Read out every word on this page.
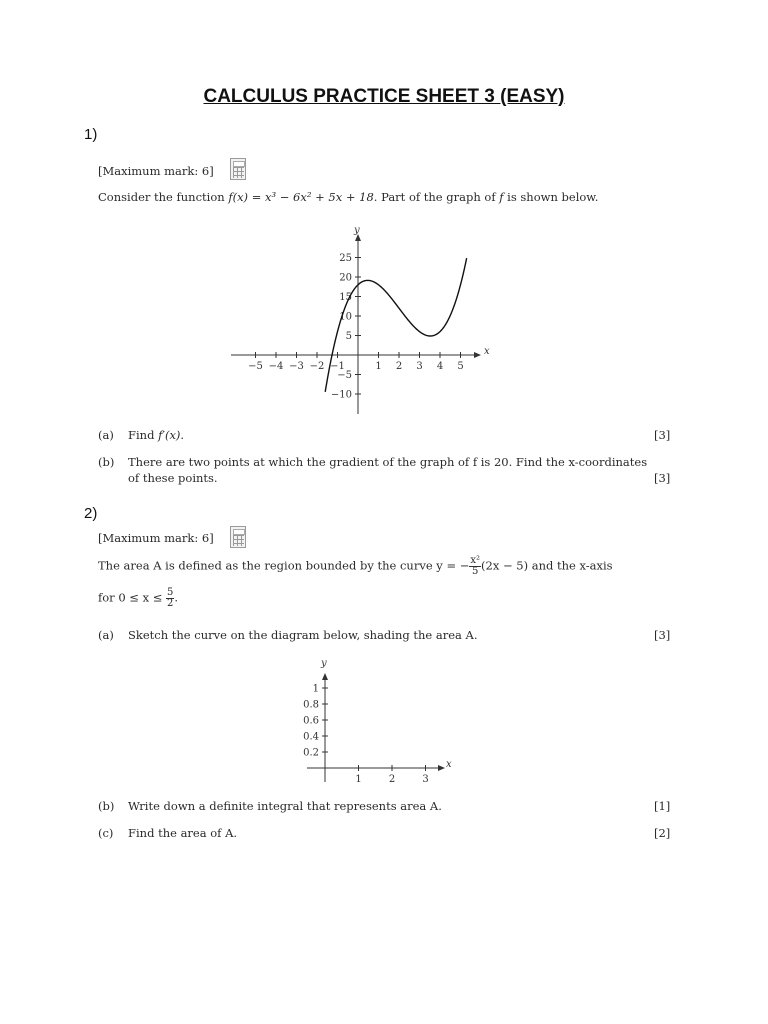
CALCULUS PRACTICE SHEET 3 (EASY)
1)
[Maximum mark: 6]
Consider the function f(x) = x³ − 6x² + 5x + 18. Part of the graph of f is shown below.
x
y
−5 −4 −3 −2 −1	1 2 3 4 5
−10
−5
5
10
15
20
25
(a) Find f′(x).	[3]
(b) There are two points at which the gradient of the graph of f is 20. Find the x-coordinates
of these points.	[3]
2)
[Maximum mark: 6]
The area A is defined as the region bounded by the curve y = − $\frac{\text{x²}}{5} (2x - 5)$ and the x-axis
for $0 \le x \le \frac{5}{2}$ .
(a) Sketch the curve on the diagram below, shading the area A.	[3]
x
y
1	2	3
0.2
0.4
0.6
0.8
1
(b) Write down a definite integral that represents area A.	[1]
(c) Find the area of A.	[2]
